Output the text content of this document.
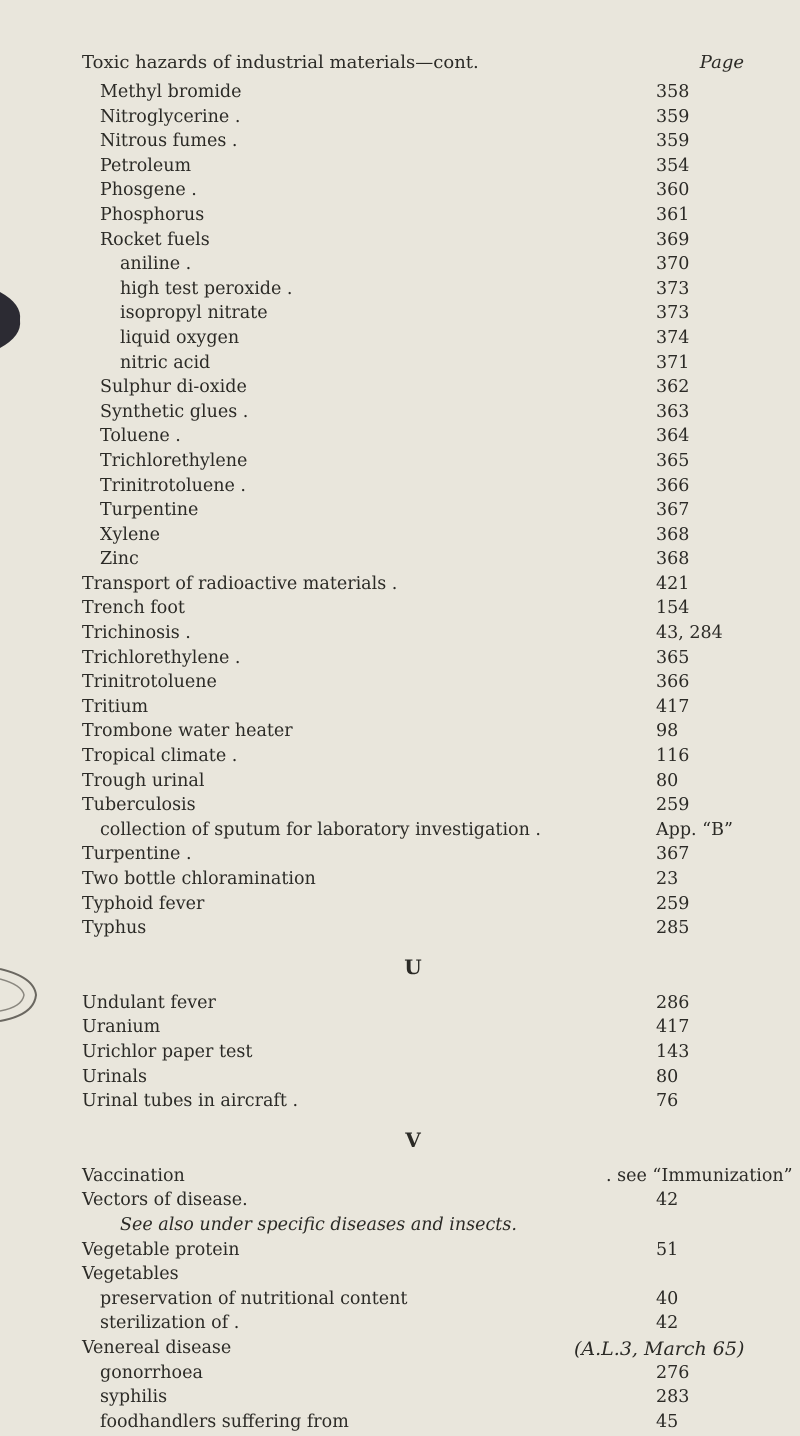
Toxic hazards of industrial materials—cont.	Page
Methyl bromide	358
Nitroglycerine .	359
Nitrous fumes .	359
Petroleum	354
Phosgene .	360
Phosphorus	361
Rocket fuels	369
aniline .	370
high test peroxide .	373
isopropyl nitrate	373
liquid oxygen	374
nitric acid	371
Sulphur di-oxide	362
Synthetic glues .	363
Toluene .	364
Trichlorethylene	365
Trinitrotoluene .	366
Turpentine	367
Xylene	368
Zinc	368
Transport of radioactive materials .	421
Trench foot	154
Trichinosis .	43, 284
Trichlorethylene .	365
Trinitrotoluene	366
Tritium	417
Trombone water heater	98
Tropical climate .	116
Trough urinal	80
Tuberculosis	259
collection of sputum for laboratory investigation .	App. “B”
Turpentine .	367
Two bottle chloramination	23
Typhoid fever	259
Typhus	285
U
Undulant fever	286
Uranium	417
Urichlor paper test	143
Urinals	80
Urinal tubes in aircraft .	76
V
Vaccination	. see “Immunization”
Vectors of disease.	42
See also under specific diseases and insects.
Vegetable protein	51
Vegetables
preservation of nutritional content	40
sterilization of .	42
Venereal disease
gonorrhoea	276
syphilis	283
foodhandlers suffering from	45
(A.L.3, March 65)
